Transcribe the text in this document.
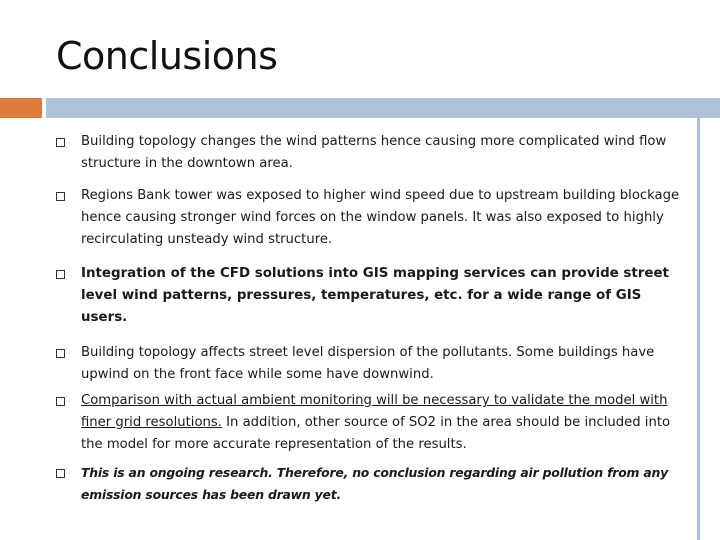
Conclusions
Building topology changes the wind patterns hence causing more complicated wind flow structure in the downtown area.
Regions Bank tower was exposed to higher wind speed due to upstream building blockage hence causing stronger wind forces on the window panels. It was also exposed to highly recirculating unsteady wind structure.
Integration of the CFD solutions into GIS mapping services can provide street level wind patterns, pressures, temperatures, etc. for a wide range of GIS users.
Building topology affects street level dispersion of the pollutants. Some buildings have upwind on the front face while some have downwind.
Comparison with actual ambient monitoring will be necessary to validate the model with finer grid resolutions. In addition, other source of SO2 in the area should be included into the model for more accurate representation of the results.
This is an ongoing research. Therefore, no conclusion regarding air pollution from any emission sources has been drawn yet.
